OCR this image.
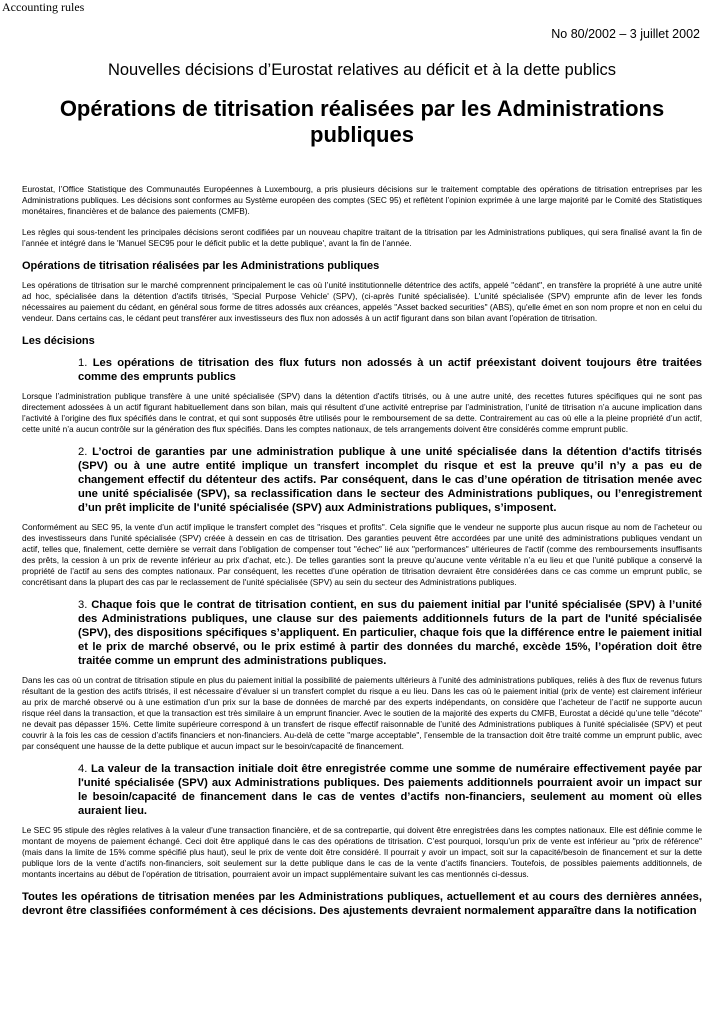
Accounting rules
No 80/2002 – 3 juillet 2002
Nouvelles décisions d’Eurostat relatives au déficit et à la dette publics
Opérations de titrisation réalisées par les Administrations publiques

Eurostat, l’Office Statistique des Communautés Européennes à Luxembourg, a pris plusieurs décisions sur le traitement comptable des opérations de titrisation entreprises par les Administrations publiques. Les décisions sont conformes au Système européen des comptes (SEC 95) et reflètent l’opinion exprimée à une large majorité par le Comité des Statistiques monétaires, financières et de balance des paiements (CMFB).

Les règles qui sous-tendent les principales décisions seront codifiées par un nouveau chapitre traitant de la titrisation par les Administrations publiques, qui sera finalisé avant la fin de l’année et intégré dans le 'Manuel SEC95 pour le déficit public et la dette publique', avant la fin de l’année.

Opérations de titrisation réalisées par les Administrations publiques

Les opérations de titrisation sur le marché comprennent principalement le cas où l’unité institutionnelle détentrice des actifs, appelé "cédant", en transfère la propriété à une autre unité ad hoc, spécialisée dans la détention d'actifs titrisés, 'Special Purpose Vehicle' (SPV), (ci-après l'unité spécialisée). L'unité spécialisée (SPV) emprunte afin de lever les fonds nécessaires au paiement du cédant, en général sous forme de titres adossés aux créances, appelés "Asset backed securities" (ABS), qu'elle émet en son nom propre et non en celui du vendeur. Dans certains cas, le cédant peut transférer aux investisseurs des flux non adossés à un actif figurant dans son bilan avant l’opération de titrisation.

Les décisions

1. Les opérations de titrisation des flux futurs non adossés à un actif préexistant doivent toujours être traitées comme des emprunts publics

Lorsque l’administration publique transfère à une unité spécialisée (SPV) dans la détention d'actifs titrisés, ou à une autre unité, des recettes futures spécifiques qui ne sont pas directement adossées à un actif figurant habituellement dans son bilan, mais qui résultent d’une activité entreprise par l’administration, l’unité de titrisation n’a aucune implication dans l’activité à l’origine des flux spécifiés dans le contrat, et qui sont supposés être utilisés pour le remboursement de sa dette. Contrairement au cas où elle a la pleine propriété d’un actif, cette unité n’a aucun contrôle sur la génération des flux spécifiés. Dans les comptes nationaux, de tels arrangements doivent être considérés comme emprunt public.

2. L’octroi de garanties par une administration publique à une unité spécialisée dans la détention d'actifs titrisés (SPV) ou à une autre entité implique un transfert incomplet du risque et est la preuve qu’il n’y a pas eu de changement effectif du détenteur des actifs. Par conséquent, dans le cas d’une opération de titrisation menée avec une unité spécialisée (SPV), sa reclassification dans le secteur des Administrations publiques, ou l’enregistrement d’un prêt implicite de l'unité spécialisée (SPV) aux Administrations publiques, s’imposent.

Conformément au SEC 95, la vente d’un actif implique le transfert complet des "risques et profits". Cela signifie que le vendeur ne supporte plus aucun risque au nom de l’acheteur ou des investisseurs dans l'unité spécialisée (SPV) créée à dessein en cas de titrisation. Des garanties peuvent être accordées par une unité des administrations publiques vendant un actif, telles que, finalement, cette dernière se verrait dans l’obligation de compenser tout "échec" lié aux "performances" ultérieures de l'actif (comme des remboursements insuffisants des prêts, la cession à un prix de revente inférieur au prix d’achat, etc.). De telles garanties sont la preuve qu’aucune vente véritable n’a eu lieu et que l’unité publique a conservé la propriété de l’actif au sens des comptes nationaux. Par conséquent, les recettes d’une opération de titrisation devraient être considérées dans ce cas comme un emprunt public, se concrétisant dans la plupart des cas par le reclassement de l'unité spécialisée (SPV) au sein du secteur des Administrations publiques.

3. Chaque fois que le contrat de titrisation contient, en sus du paiement initial par l'unité spécialisée (SPV) à l’unité des Administrations publiques, une clause sur des paiements additionnels futurs de la part de l'unité spécialisée (SPV), des dispositions spécifiques s’appliquent. En particulier, chaque fois que la différence entre le paiement initial et le prix de marché observé, ou le prix estimé à partir des données du marché, excède 15%, l’opération doit être traitée comme un emprunt des administrations publiques.

Dans les cas où un contrat de titrisation stipule en plus du paiement initial la possibilité de paiements ultérieurs à l’unité des administrations publiques, reliés à des flux de revenus futurs résultant de la gestion des actifs titrisés, il est nécessaire d’évaluer si un transfert complet du risque a eu lieu. Dans les cas où le paiement initial (prix de vente) est clairement inférieur au prix de marché observé ou à une estimation d’un prix sur la base de données de marché par des experts indépendants, on considère que l’acheteur de l’actif ne supporte aucun risque réel dans la transaction, et que la transaction est très similaire à un emprunt financier. Avec le soutien de la majorité des experts du CMFB, Eurostat a décidé qu’une telle "décote" ne devait pas dépasser 15%. Cette limite supérieure correspond à un transfert de risque effectif raisonnable de l’unité des Administrations publiques à l'unité spécialisée (SPV) et peut couvrir à la fois les cas de cession d’actifs financiers et non-financiers. Au-delà de cette "marge acceptable", l’ensemble de la transaction doit être traité comme un emprunt public, avec par conséquent une hausse de la dette publique et aucun impact sur le besoin/capacité de financement.

4. La valeur de la transaction initiale doit être enregistrée comme une somme de numéraire effectivement payée par l'unité spécialisée (SPV) aux Administrations publiques. Des paiements additionnels pourraient avoir un impact sur le besoin/capacité de financement dans le cas de ventes d’actifs non-financiers, seulement au moment où elles auraient lieu.

Le SEC 95 stipule des règles relatives à la valeur d’une transaction financière, et de sa contrepartie, qui doivent être enregistrées dans les comptes nationaux. Elle est définie comme le montant de moyens de paiement échangé. Ceci doit être appliqué dans le cas des opérations de titrisation. C’est pourquoi, lorsqu’un prix de vente est inférieur au "prix de référence" (mais dans la limite de 15% comme spécifié plus haut), seul le prix de vente doit être considéré. Il pourrait y avoir un impact, soit sur la capacité/besoin de financement et sur la dette publique lors de la vente d’actifs non-financiers, soit seulement sur la dette publique dans le cas de la vente d’actifs financiers. Toutefois, de possibles paiements additionnels, de montants incertains au début de l’opération de titrisation, pourraient avoir un impact supplémentaire suivant les cas mentionnés ci-dessus.

Toutes les opérations de titrisation menées par les Administrations publiques, actuellement et au cours des dernières années, devront être classifiées conformément à ces décisions. Des ajustements devraient normalement apparaître dans la notification
